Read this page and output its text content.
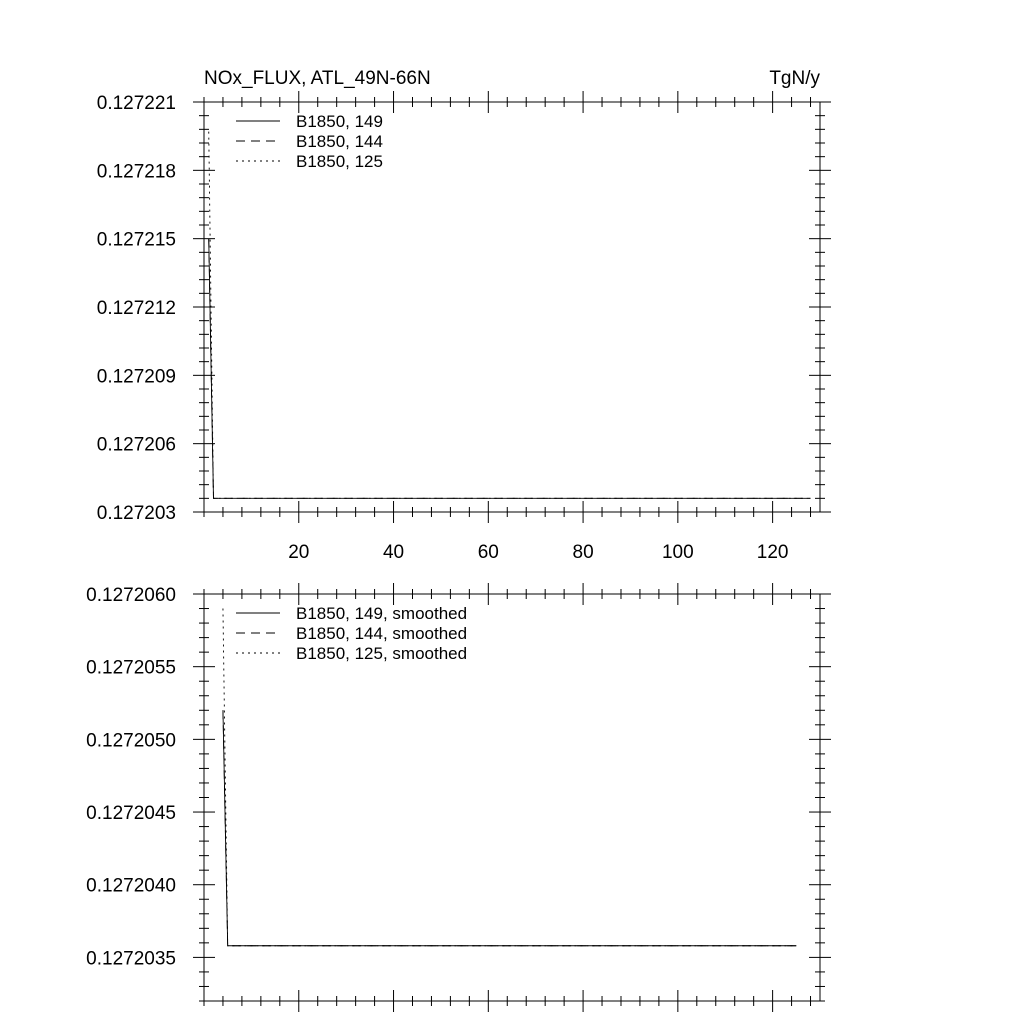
NOx_FLUX, ATL_49N-66N	TgN/y
20	40	60	80	100	120
0.127203
0.127206
0.127209
0.127212
0.127215
0.127218
0.127221
B1850, 149
B1850, 144
B1850, 125
0.1272035
0.1272040
0.1272045
0.1272050
0.1272055
0.1272060
B1850, 149, smoothed
B1850, 144, smoothed
B1850, 125, smoothed
